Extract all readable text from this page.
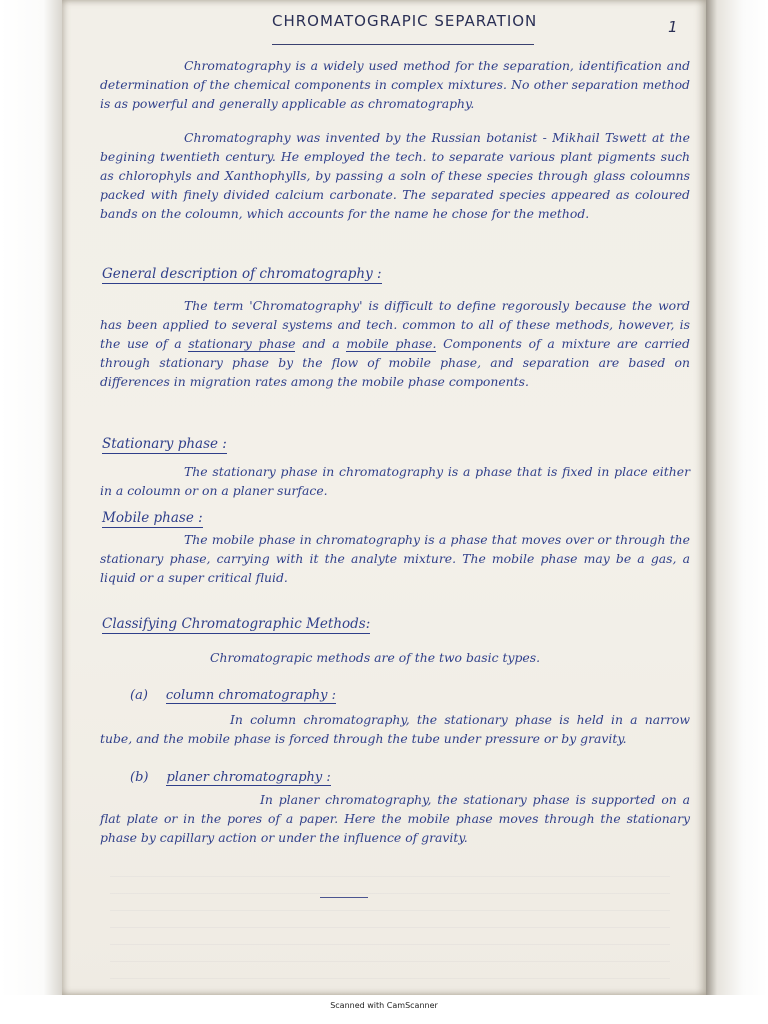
CHROMATOGRAPIC SEPARATION	1
Chromatography is a widely used method for the separation, identification and determination of the chemical components in complex mixtures. No other separation method is as powerful and generally applicable as chromatography.
Chromatography was invented by the Russian botanist - Mikhail Tswett at the begining twentieth century. He employed the tech. to separate various plant pigments such as chlorophyls and Xanthophylls, by passing a soln of these species through glass coloumns packed with finely divided calcium carbonate. The separated species appeared as coloured bands on the coloumn, which accounts for the name he chose for the method.
General description of chromatography :
The term 'Chromatography' is difficult to define regorously because the word has been applied to several systems and tech. common to all of these methods, however, is the use of a stationary phase and a mobile phase. Components of a mixture are carried through stationary phase by the flow of mobile phase, and separation are based on differences in migration rates among the mobile phase components.
Stationary phase :
The stationary phase in chromatography is a phase that is fixed in place either in a coloumn or on a planer surface.
Mobile phase :
The mobile phase in chromatography is a phase that moves over or through the stationary phase, carrying with it the analyte mixture. The mobile phase may be a gas, a liquid or a super critical fluid.
Classifying Chromatographic Methods:
Chromatograpic methods are of the two basic types.
(a) column chromatography :
In column chromatography, the stationary phase is held in a narrow tube, and the mobile phase is forced through the tube under pressure or by gravity.
(b) planer chromatography :
In planer chromatography, the stationary phase is supported on a flat plate or in the pores of a paper. Here the mobile phase moves through the stationary phase by capillary action or under the influence of gravity.
Scanned with CamScanner
